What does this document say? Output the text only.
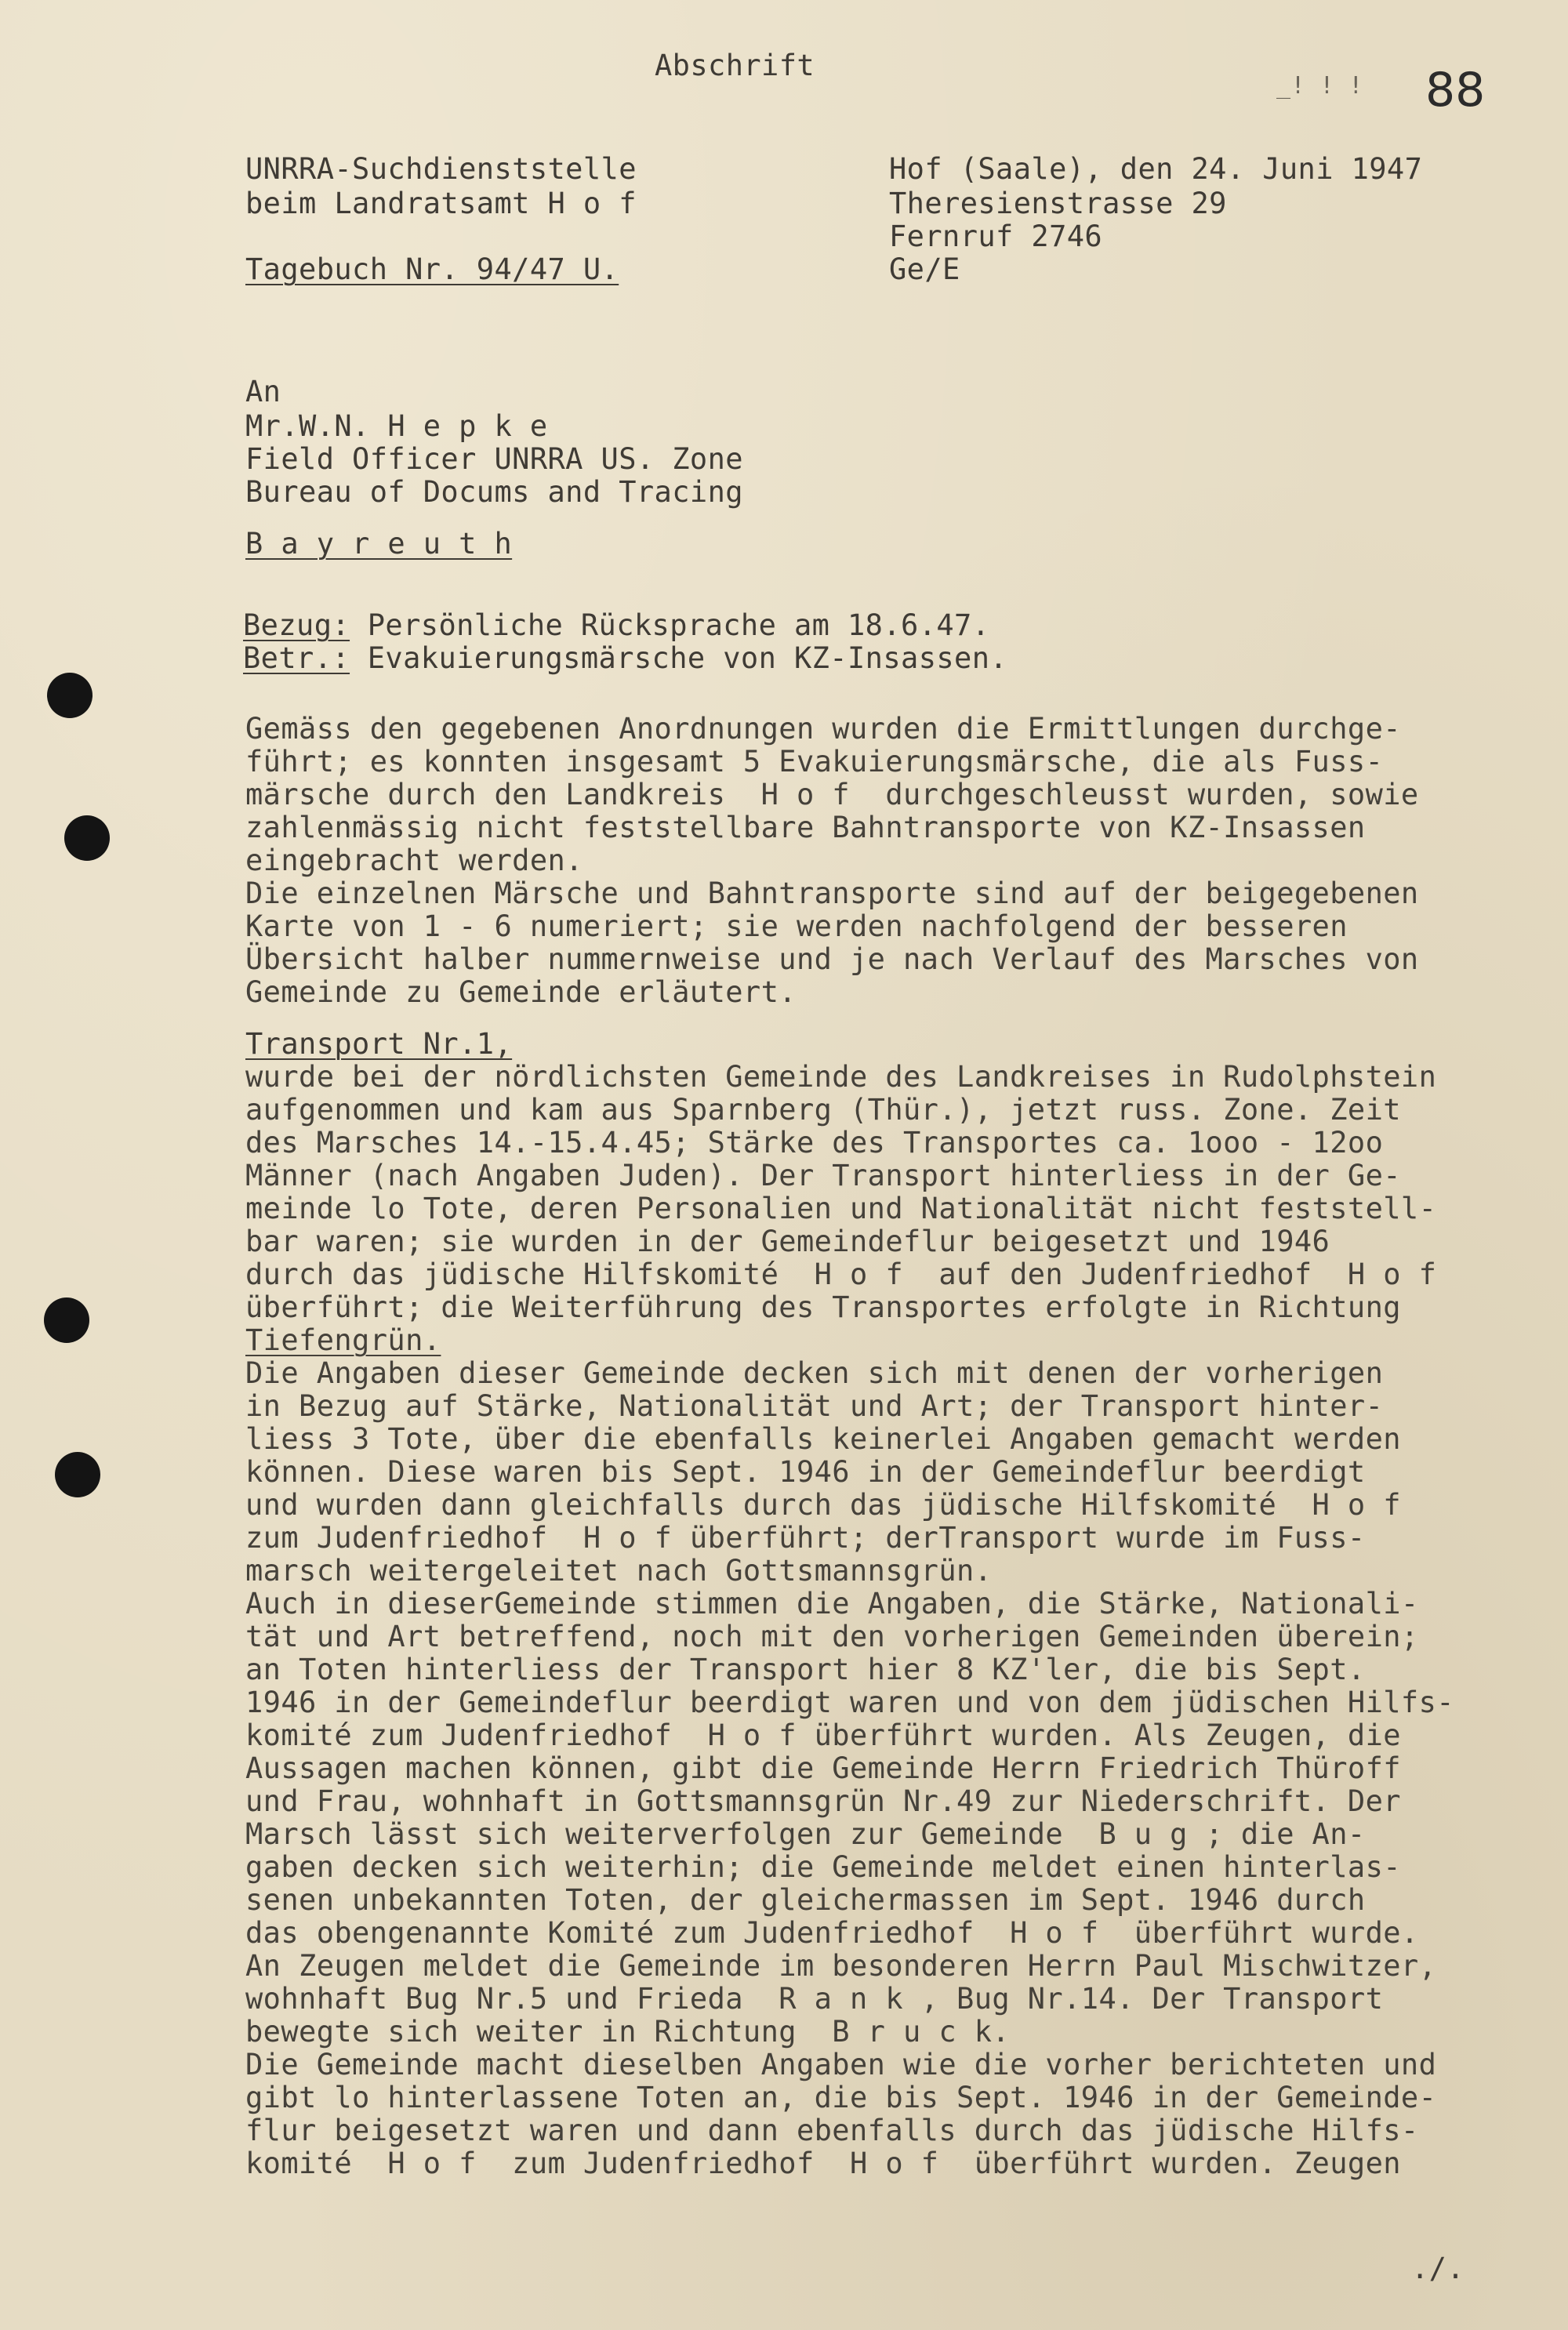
Abschrift
_! ! ! 88
UNRRA-Suchdienststelle
beim Landratsamt H o f
Tagebuch Nr. 94/47 U.
Hof (Saale), den 24. Juni 1947
Theresienstrasse 29
Fernruf 2746
Ge/E
An
Mr.W.N. H e p k e
Field Officer UNRRA US. Zone
Bureau of Docums and Tracing
B a y r e u t h
Bezug: Persönliche Rücksprache am 18.6.47.
Betr.: Evakuierungsmärsche von KZ-Insassen.
Gemäss den gegebenen Anordnungen wurden die Ermittlungen durchge-
führt; es konnten insgesamt 5 Evakuierungsmärsche, die als Fuss-
märsche durch den Landkreis  H o f  durchgeschleusst wurden, sowie
zahlenmässig nicht feststellbare Bahntransporte von KZ-Insassen
eingebracht werden.
Die einzelnen Märsche und Bahntransporte sind auf der beigegebenen
Karte von 1 - 6 numeriert; sie werden nachfolgend der besseren
Übersicht halber nummernweise und je nach Verlauf des Marsches von
Gemeinde zu Gemeinde erläutert.
Transport Nr.1,
wurde bei der nördlichsten Gemeinde des Landkreises in Rudolphstein
aufgenommen und kam aus Sparnberg (Thür.), jetzt russ. Zone. Zeit
des Marsches 14.-15.4.45; Stärke des Transportes ca. 1ooo - 12oo
Männer (nach Angaben Juden). Der Transport hinterliess in der Ge-
meinde lo Tote, deren Personalien und Nationalität nicht feststell-
bar waren; sie wurden in der Gemeindeflur beigesetzt und 1946
durch das jüdische Hilfskomité  H o f  auf den Judenfriedhof  H o f
überführt; die Weiterführung des Transportes erfolgte in Richtung
Tiefengrün.
Die Angaben dieser Gemeinde decken sich mit denen der vorherigen
in Bezug auf Stärke, Nationalität und Art; der Transport hinter-
liess 3 Tote, über die ebenfalls keinerlei Angaben gemacht werden
können. Diese waren bis Sept. 1946 in der Gemeindeflur beerdigt
und wurden dann gleichfalls durch das jüdische Hilfskomité  H o f
zum Judenfriedhof  H o f überführt; derTransport wurde im Fuss-
marsch weitergeleitet nach Gottsmannsgrün.
Auch in dieserGemeinde stimmen die Angaben, die Stärke, Nationali-
tät und Art betreffend, noch mit den vorherigen Gemeinden überein;
an Toten hinterliess der Transport hier 8 KZ'ler, die bis Sept.
1946 in der Gemeindeflur beerdigt waren und von dem jüdischen Hilfs-
komité zum Judenfriedhof  H o f überführt wurden. Als Zeugen, die
Aussagen machen können, gibt die Gemeinde Herrn Friedrich Thüroff
und Frau, wohnhaft in Gottsmannsgrün Nr.49 zur Niederschrift. Der
Marsch lässt sich weiterverfolgen zur Gemeinde  B u g ; die An-
gaben decken sich weiterhin; die Gemeinde meldet einen hinterlas-
senen unbekannten Toten, der gleichermassen im Sept. 1946 durch
das obengenannte Komité zum Judenfriedhof  H o f  überführt wurde.
An Zeugen meldet die Gemeinde im besonderen Herrn Paul Mischwitzer,
wohnhaft Bug Nr.5 und Frieda  R a n k , Bug Nr.14. Der Transport
bewegte sich weiter in Richtung  B r u c k.
Die Gemeinde macht dieselben Angaben wie die vorher berichteten und
gibt lo hinterlassene Toten an, die bis Sept. 1946 in der Gemeinde-
flur beigesetzt waren und dann ebenfalls durch das jüdische Hilfs-
komité  H o f  zum Judenfriedhof  H o f  überführt wurden. Zeugen
./.
